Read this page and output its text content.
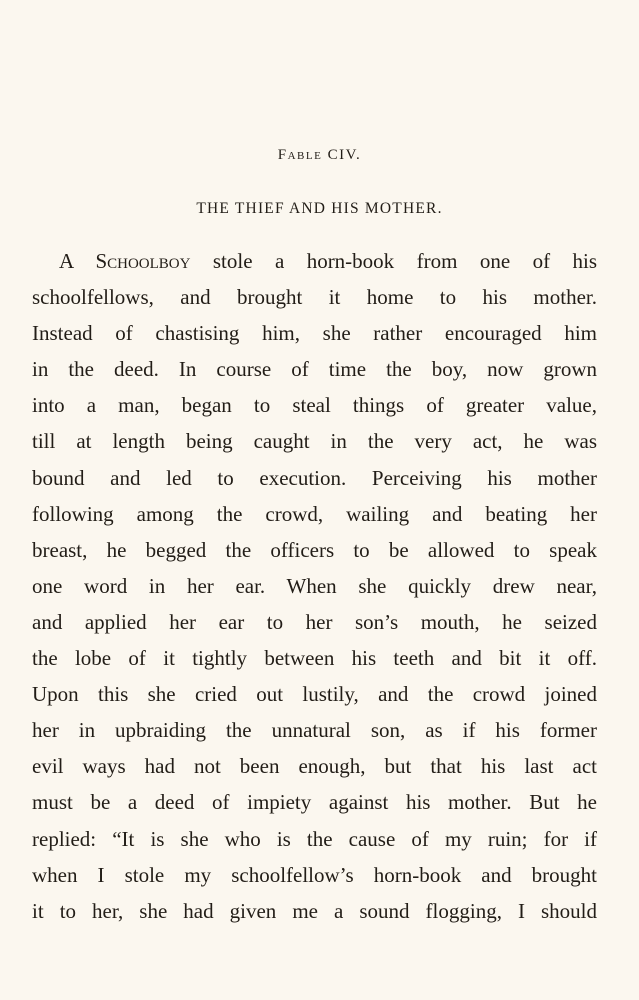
Fable CIV.
THE THIEF AND HIS MOTHER.
A Schoolboy stole a horn-book from one of his
schoolfellows, and brought it home to his mother.
Instead of chastising him, she rather encouraged him
in the deed. In course of time the boy, now grown
into a man, began to steal things of greater value,
till at length being caught in the very act, he was
bound and led to execution. Perceiving his mother
following among the crowd, wailing and beating her
breast, he begged the officers to be allowed to speak
one word in her ear. When she quickly drew near,
and applied her ear to her son’s mouth, he seized
the lobe of it tightly between his teeth and bit it off.
Upon this she cried out lustily, and the crowd joined
her in upbraiding the unnatural son, as if his former
evil ways had not been enough, but that his last act
must be a deed of impiety against his mother. But he
replied: “It is she who is the cause of my ruin; for if
when I stole my schoolfellow’s horn-book and brought
it to her, she had given me a sound flogging, I should
